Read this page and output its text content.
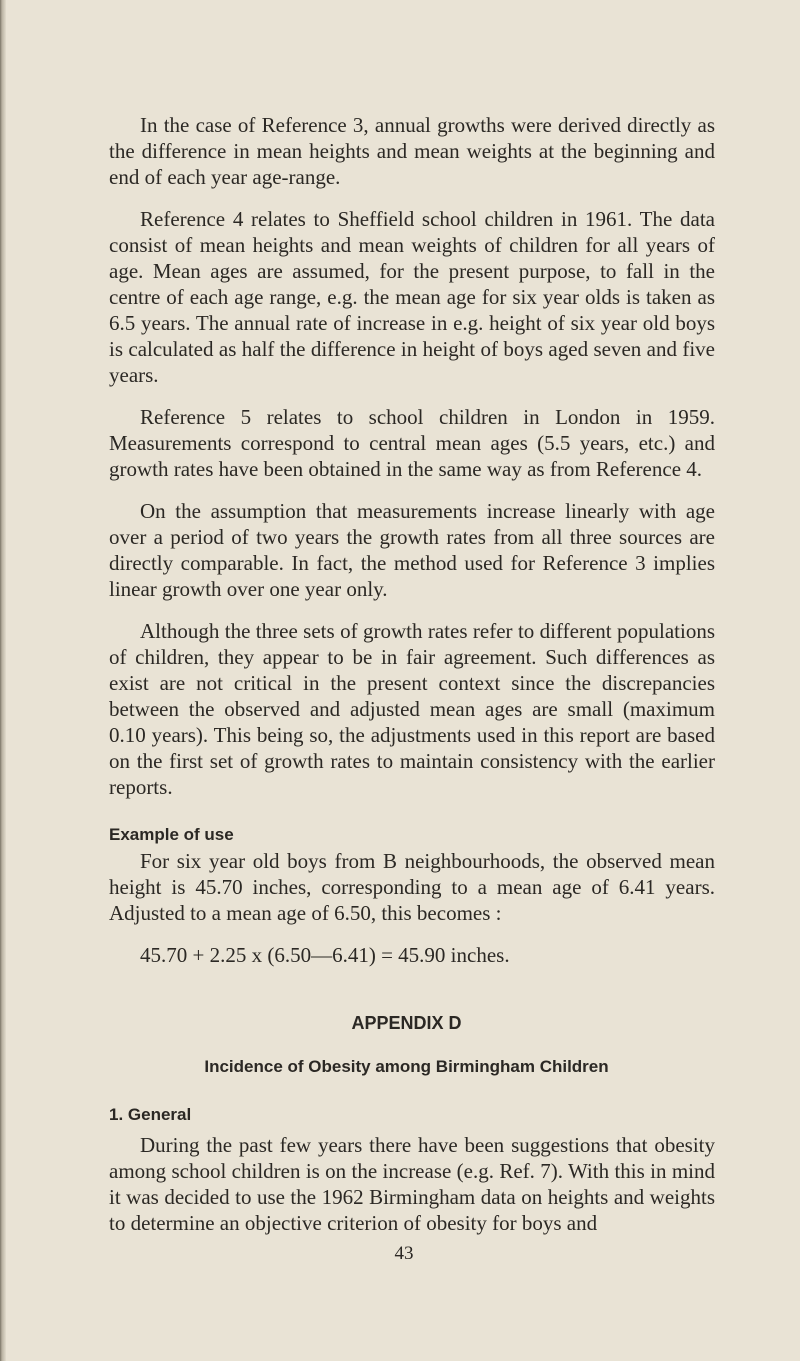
In the case of Reference 3, annual growths were derived directly as the difference in mean heights and mean weights at the beginning and end of each year age-range.

Reference 4 relates to Sheffield school children in 1961. The data consist of mean heights and mean weights of children for all years of age. Mean ages are assumed, for the present purpose, to fall in the centre of each age range, e.g. the mean age for six year olds is taken as 6.5 years. The annual rate of increase in e.g. height of six year old boys is calculated as half the difference in height of boys aged seven and five years.

Reference 5 relates to school children in London in 1959. Measurements correspond to central mean ages (5.5 years, etc.) and growth rates have been obtained in the same way as from Reference 4.

On the assumption that measurements increase linearly with age over a period of two years the growth rates from all three sources are directly comparable. In fact, the method used for Reference 3 implies linear growth over one year only.

Although the three sets of growth rates refer to different populations of children, they appear to be in fair agreement. Such differences as exist are not critical in the present context since the discrepancies between the observed and adjusted mean ages are small (maximum 0.10 years). This being so, the adjustments used in this report are based on the first set of growth rates to maintain consistency with the earlier reports.

Example of use

For six year old boys from B neighbourhoods, the observed mean height is 45.70 inches, corresponding to a mean age of 6.41 years. Adjusted to a mean age of 6.50, this becomes :

45.70 + 2.25 x (6.50—6.41) = 45.90 inches.
APPENDIX D
Incidence of Obesity among Birmingham Children
1. General

During the past few years there have been suggestions that obesity among school children is on the increase (e.g. Ref. 7). With this in mind it was decided to use the 1962 Birmingham data on heights and weights to determine an objective criterion of obesity for boys and

43
